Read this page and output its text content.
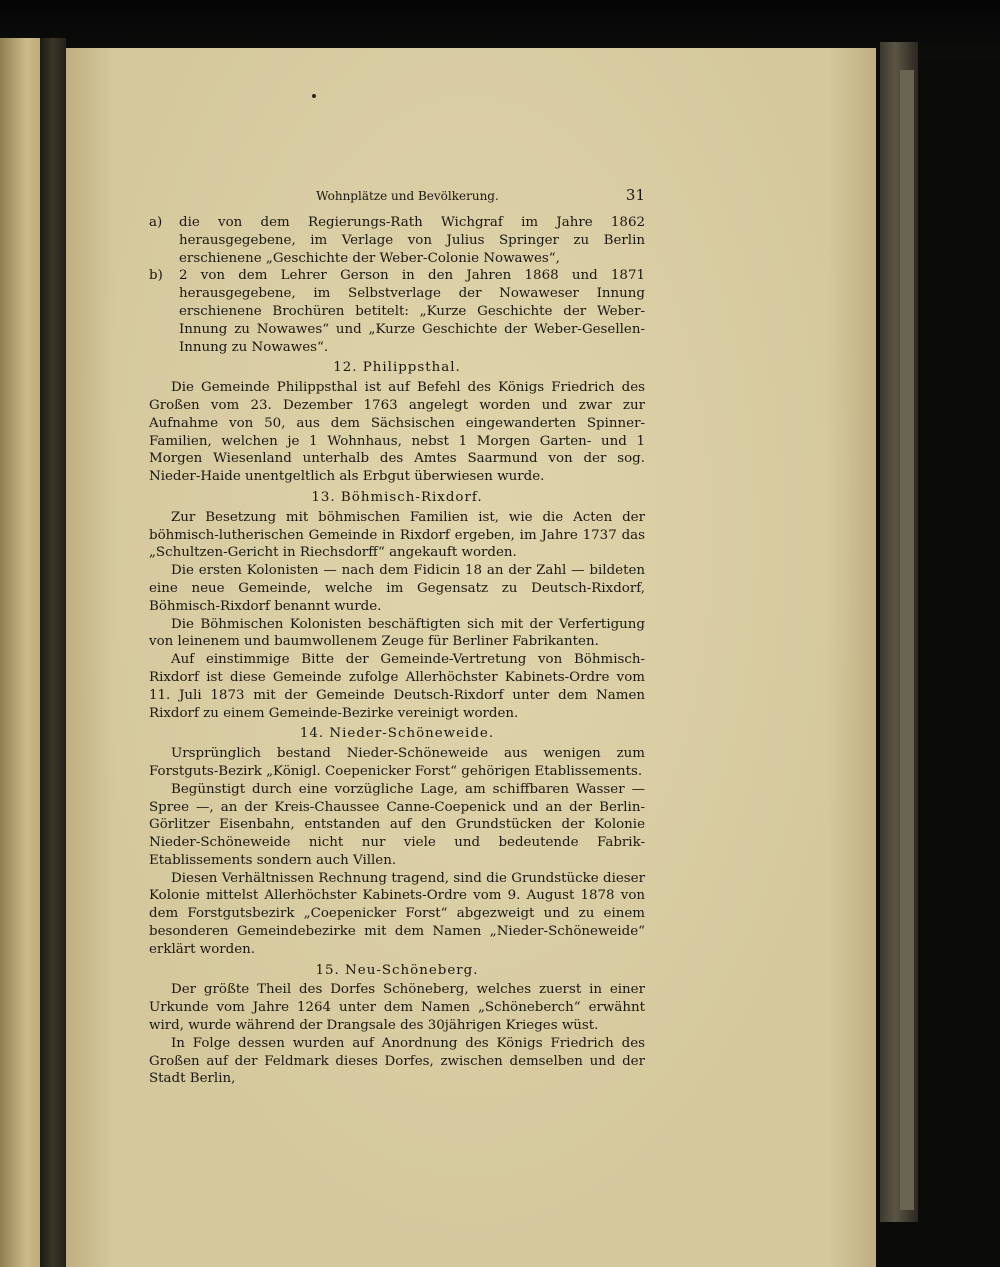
Wohnplätze und Bevölkerung.	31

a) die von dem Regierungs-Rath Wichgraf im Jahre 1862 herausgegebene, im Verlage von Julius Springer zu Berlin erschienene „Geschichte der Weber-Colonie Nowawes“,

b) 2 von dem Lehrer Gerson in den Jahren 1868 und 1871 herausgegebene, im Selbstverlage der Nowaweser Innung erschienene Brochüren betitelt: „Kurze Geschichte der Weber-Innung zu Nowawes“ und „Kurze Geschichte der Weber-Gesellen-Innung zu Nowawes“.

12. Philippsthal.

Die Gemeinde Philippsthal ist auf Befehl des Königs Friedrich des Großen vom 23. Dezember 1763 angelegt worden und zwar zur Aufnahme von 50, aus dem Sächsischen eingewanderten Spinner-Familien, welchen je 1 Wohnhaus, nebst 1 Morgen Garten- und 1 Morgen Wiesenland unterhalb des Amtes Saarmund von der sog. Nieder-Haide unentgeltlich als Erbgut überwiesen wurde.

13. Böhmisch-Rixdorf.

Zur Besetzung mit böhmischen Familien ist, wie die Acten der böhmisch-lutherischen Gemeinde in Rixdorf ergeben, im Jahre 1737 das „Schultzen-Gericht in Riechsdorff“ angekauft worden.

Die ersten Kolonisten — nach dem Fidicin 18 an der Zahl — bildeten eine neue Gemeinde, welche im Gegensatz zu Deutsch-Rixdorf, Böhmisch-Rixdorf benannt wurde.

Die Böhmischen Kolonisten beschäftigten sich mit der Verfertigung von leinenem und baumwollenem Zeuge für Berliner Fabrikanten.

Auf einstimmige Bitte der Gemeinde-Vertretung von Böhmisch-Rixdorf ist diese Gemeinde zufolge Allerhöchster Kabinets-Ordre vom 11. Juli 1873 mit der Gemeinde Deutsch-Rixdorf unter dem Namen Rixdorf zu einem Gemeinde-Bezirke vereinigt worden.

14. Nieder-Schöneweide.

Ursprünglich bestand Nieder-Schöneweide aus wenigen zum Forstguts-Bezirk „Königl. Coepenicker Forst“ gehörigen Etablissements.

Begünstigt durch eine vorzügliche Lage, am schiffbaren Wasser — Spree —, an der Kreis-Chaussee Canne-Coepenick und an der Berlin-Görlitzer Eisenbahn, entstanden auf den Grundstücken der Kolonie Nieder-Schöneweide nicht nur viele und bedeutende Fabrik-Etablissements sondern auch Villen.

Diesen Verhältnissen Rechnung tragend, sind die Grundstücke dieser Kolonie mittelst Allerhöchster Kabinets-Ordre vom 9. August 1878 von dem Forstgutsbezirk „Coepenicker Forst“ abgezweigt und zu einem besonderen Gemeindebezirke mit dem Namen „Nieder-Schöneweide“ erklärt worden.

15. Neu-Schöneberg.

Der größte Theil des Dorfes Schöneberg, welches zuerst in einer Urkunde vom Jahre 1264 unter dem Namen „Schöneberch“ erwähnt wird, wurde während der Drangsale des 30jährigen Krieges wüst.

In Folge dessen wurden auf Anordnung des Königs Friedrich des Großen auf der Feldmark dieses Dorfes, zwischen demselben und der Stadt Berlin,
